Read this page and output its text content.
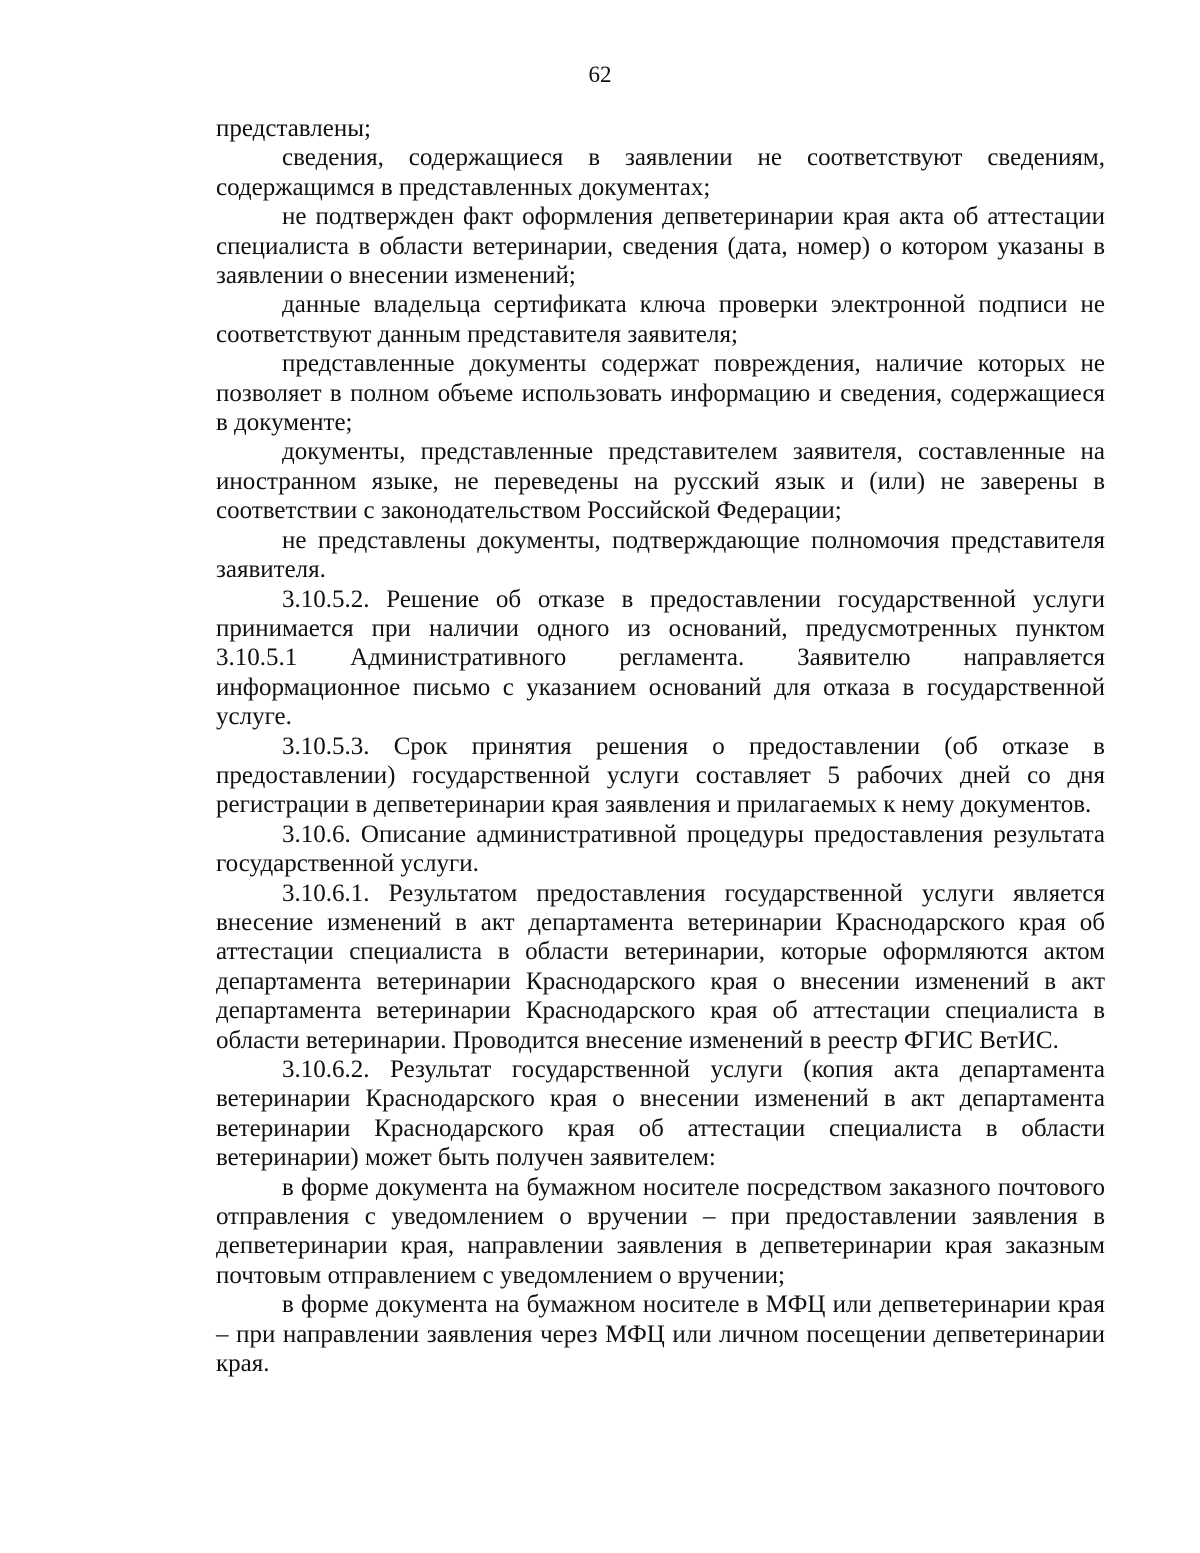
62

представлены;

сведения, содержащиеся в заявлении не соответствуют сведениям, содержащимся в представленных документах;

не подтвержден факт оформления депветеринарии края акта об аттестации специалиста в области ветеринарии, сведения (дата, номер) о котором указаны в заявлении о внесении изменений;

данные владельца сертификата ключа проверки электронной подписи не соответствуют данным представителя заявителя;

представленные документы содержат повреждения, наличие которых не позволяет в полном объеме использовать информацию и сведения, содержащиеся в документе;

документы, представленные представителем заявителя, составленные на иностранном языке, не переведены на русский язык и (или) не заверены в соответствии с законодательством Российской Федерации;

не представлены документы, подтверждающие полномочия представителя заявителя.

3.10.5.2. Решение об отказе в предоставлении государственной услуги принимается при наличии одного из оснований, предусмотренных пунктом 3.10.5.1 Административного регламента. Заявителю направляется информационное письмо с указанием оснований для отказа в государственной услуге.

3.10.5.3. Срок принятия решения о предоставлении (об отказе в предоставлении) государственной услуги составляет 5 рабочих дней со дня регистрации в депветеринарии края заявления и прилагаемых к нему документов.

3.10.6. Описание административной процедуры предоставления результата государственной услуги.

3.10.6.1. Результатом предоставления государственной услуги является внесение изменений в акт департамента ветеринарии Краснодарского края об аттестации специалиста в области ветеринарии, которые оформляются актом департамента ветеринарии Краснодарского края о внесении изменений в акт департамента ветеринарии Краснодарского края об аттестации специалиста в области ветеринарии. Проводится внесение изменений в реестр ФГИС ВетИС.

3.10.6.2. Результат государственной услуги (копия акта департамента ветеринарии Краснодарского края о внесении изменений в акт департамента ветеринарии Краснодарского края об аттестации специалиста в области ветеринарии) может быть получен заявителем:

в форме документа на бумажном носителе посредством заказного почтового отправления с уведомлением о вручении – при предоставлении заявления в депветеринарии края, направлении заявления в депветеринарии края заказным почтовым отправлением с уведомлением о вручении;

в форме документа на бумажном носителе в МФЦ или депветеринарии края – при направлении заявления через МФЦ или личном посещении депветеринарии края.
